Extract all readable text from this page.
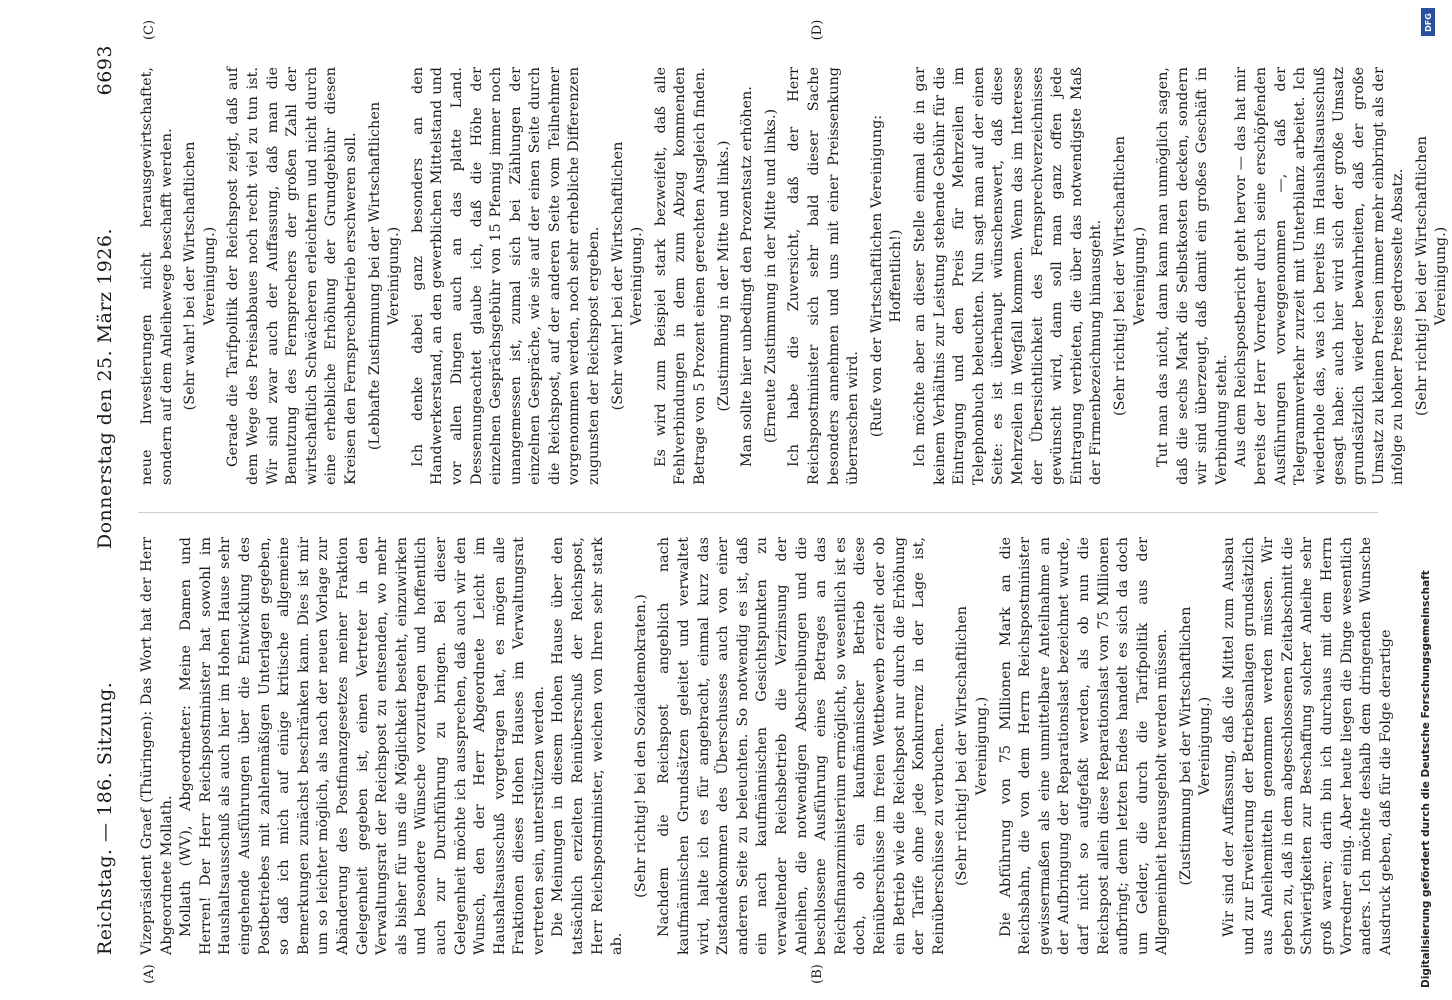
Reichstag. — 186. Sitzung.
Donnerstag den 25. März 1926.
6693
(A)	(B)
(C)	(D)

Vizepräsident Graef (Thüringen): Das Wort hat der Herr Abgeordnete Mollath. Mollath (WV), Abgeordneter: Meine Damen und Herren! Der Herr Reichspostminister hat sowohl im Haushaltsausschuß als auch hier im Hohen Hause sehr eingehende Ausführungen über die Entwicklung des Postbetriebes mit zahlenmäßigen Unterlagen gegeben, so daß ich mich auf einige kritische allgemeine Bemerkungen zunächst beschränken kann. Dies ist mir um so leichter möglich, als nach der neuen Vorlage zur Abänderung des Postfinanzgesetzes meiner Fraktion Gelegenheit gegeben ist, einen Vertreter in den Verwaltungsrat der Reichspost zu entsenden, wo mehr als bisher für uns die Möglichkeit besteht, einzuwirken und besondere Wünsche vorzutragen und hoffentlich auch zur Durchführung zu bringen. Bei dieser Gelegenheit möchte ich aussprechen, daß auch wir den Wunsch, den der Herr Abgeordnete Leicht im Haushaltsausschuß vorgetragen hat, es mögen alle Fraktionen dieses Hohen Hauses im Verwaltungsrat vertreten sein, unterstützen werden. Die Meinungen in diesem Hohen Hause über den tatsächlich erzielten Reinüberschuß der Reichspost, Herr Reichspostminister, weichen von Ihren sehr stark ab.

(Sehr richtig! bei den Sozialdemokraten.) Nachdem die Reichspost angeblich nach kaufmännischen Grundsätzen geleitet und verwaltet wird, halte ich es für angebracht, einmal kurz das Zustandekommen des Überschusses auch von einer anderen Seite zu beleuchten. So notwendig es ist, daß ein nach kaufmännischen Gesichtspunkten zu verwaltender Reichsbetrieb die Verzinsung der Anleihen, die notwendigen Abschreibungen und die beschlossene Ausführung eines Betrages an das Reichsfinanzministerium ermöglicht, so wesentlich ist es doch, ob ein kaufmännischer Betrieb diese Reinüberschüsse im freien Wettbewerb erzielt oder ob ein Betrieb wie die Reichspost nur durch die Erhöhung der Tarife ohne jede Konkurrenz in der Lage ist, Reinüberschüsse zu verbuchen. (Sehr richtig! bei der Wirtschaftlichen Vereinigung.) Die Abführung von 75 Millionen Mark an die Reichsbahn, die von dem Herrn Reichspostminister gewissermaßen als eine unmittelbare Anteilnahme an der Aufbringung der Reparationslast bezeichnet wurde, darf nicht so aufgefaßt werden, als ob nun die Reichspost allein diese Reparationslast von 75 Millionen aufbringt; denn letzten Endes handelt es sich da doch um Gelder, die durch die Tarifpolitik aus der Allgemeinheit herausgeholt werden müssen. (Zustimmung bei der Wirtschaftlichen Vereinigung.) Wir sind der Auffassung, daß die Mittel zum Ausbau und zur Erweiterung der Betriebsanlagen grundsätzlich aus Anleihemitteln genommen werden müssen. Wir geben zu, daß in dem abgeschlossenen Zeitabschnitt die Schwierigkeiten zur Beschaffung solcher Anleihe sehr groß waren; darin bin ich durchaus mit dem Herrn Vorredner einig. Aber heute liegen die Dinge wesentlich anders. Ich möchte deshalb dem dringenden Wunsche Ausdruck geben, daß für die Folge derartige

neue Investierungen nicht herausgewirtschaftet, sondern auf dem Anleihewege beschafft werden. (Sehr wahr! bei der Wirtschaftlichen Vereinigung.) Gerade die Tarifpolitik der Reichspost zeigt, daß auf dem Wege des Preisabbaues noch recht viel zu tun ist. Wir sind zwar auch der Auffassung, daß man die Benutzung des Fernsprechers der großen Zahl der wirtschaftlich Schwächeren erleichtern und nicht durch eine erhebliche Erhöhung der Grundgebühr diesen Kreisen den Fernsprechbetrieb erschweren soll. (Lebhafte Zustimmung bei der Wirtschaftlichen Vereinigung.) Ich denke dabei ganz besonders an den Handwerkerstand, an den gewerblichen Mittelstand und vor allen Dingen auch an das platte Land. Dessenungeachtet glaube ich, daß die Höhe der einzelnen Gesprächsgebühr von 15 Pfennig immer noch unangemessen ist, zumal sich bei Zählungen der einzelnen Gespräche, wie sie auf der einen Seite durch die Reichspost, auf der anderen Seite vom Teilnehmer vorgenommen werden, noch sehr erhebliche Differenzen zugunsten der Reichspost ergeben. (Sehr wahr! bei der Wirtschaftlichen Vereinigung.) Es wird zum Beispiel stark bezweifelt, daß alle Fehlverbindungen in dem zum Abzug kommenden Betrage von 5 Prozent einen gerechten Ausgleich finden. (Zustimmung in der Mitte und links.) Man sollte hier unbedingt den Prozentsatz erhöhen. (Erneute Zustimmung in der Mitte und links.) Ich habe die Zuversicht, daß der Herr Reichspostminister sich sehr bald dieser Sache besonders annehmen und uns mit einer Preissenkung überraschen wird. (Rufe von der Wirtschaftlichen Vereinigung: Hoffentlich!) Ich möchte aber an dieser Stelle einmal die in gar keinem Verhältnis zur Leistung stehende Gebühr für die Eintragung und den Preis für Mehrzeilen im Telephonbuch beleuchten. Nun sagt man auf der einen Seite: es ist überhaupt wünschenswert, daß diese Mehrzeilen in Wegfall kommen. Wenn das im Interesse der Übersichtlichkeit des Fernsprechverzeichnisses gewünscht wird, dann soll man ganz offen jede Eintragung verbieten, die über das notwendigste Maß der Firmenbezeichnung hinausgeht. (Sehr richtig! bei der Wirtschaftlichen Vereinigung.) Tut man das nicht, dann kann man unmöglich sagen, daß die sechs Mark die Selbstkosten decken, sondern wir sind überzeugt, daß damit ein großes Geschäft in Verbindung steht. Aus dem Reichspostbericht geht hervor — das hat mir bereits der Herr Vorredner durch seine erschöpfenden Ausführungen vorweggenommen —, daß der Telegrammverkehr zurzeit mit Unterbilanz arbeitet. Ich wiederhole das, was ich bereits im Haushaltsausschuß gesagt habe: auch hier wird sich der große Umsatz grundsätzlich wieder bewahrheiten, daß der große Umsatz zu kleinen Preisen immer mehr einbringt als der infolge zu hoher Preise gedrosselte Absatz. (Sehr richtig! bei der Wirtschaftlichen Vereinigung.)

Digitalisierung gefördert durch die Deutsche Forschungsgemeinschaft
DFG
